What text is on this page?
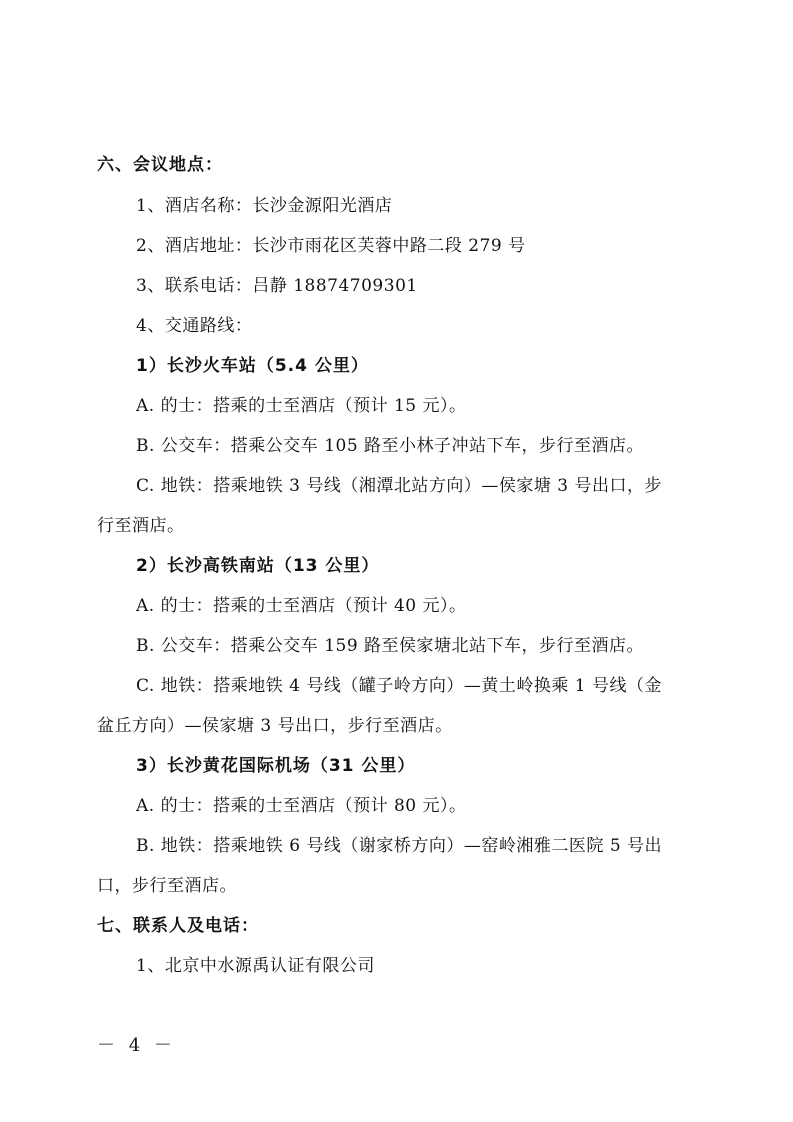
六、会议地点：
1、酒店名称：长沙金源阳光酒店
2、酒店地址：长沙市雨花区芙蓉中路二段 279 号
3、联系电话：吕静 18874709301
4、交通路线：
1）长沙火车站（5.4 公里）
A. 的士：搭乘的士至酒店（预计 15 元）。
B. 公交车：搭乘公交车 105 路至小林子冲站下车，步行至酒店。
C. 地铁：搭乘地铁 3 号线（湘潭北站方向）—侯家塘 3 号出口，步
行至酒店。
2）长沙高铁南站（13 公里）
A. 的士：搭乘的士至酒店（预计 40 元）。
B. 公交车：搭乘公交车 159 路至侯家塘北站下车，步行至酒店。
C. 地铁：搭乘地铁 4 号线（罐子岭方向）—黄土岭换乘 1 号线（金
盆丘方向）—侯家塘 3 号出口，步行至酒店。
3）长沙黄花国际机场（31 公里）
A. 的士：搭乘的士至酒店（预计 80 元）。
B. 地铁：搭乘地铁 6 号线（谢家桥方向）—窑岭湘雅二医院 5 号出
口，步行至酒店。
七、联系人及电话：
1、北京中水源禹认证有限公司
－ 4 －
